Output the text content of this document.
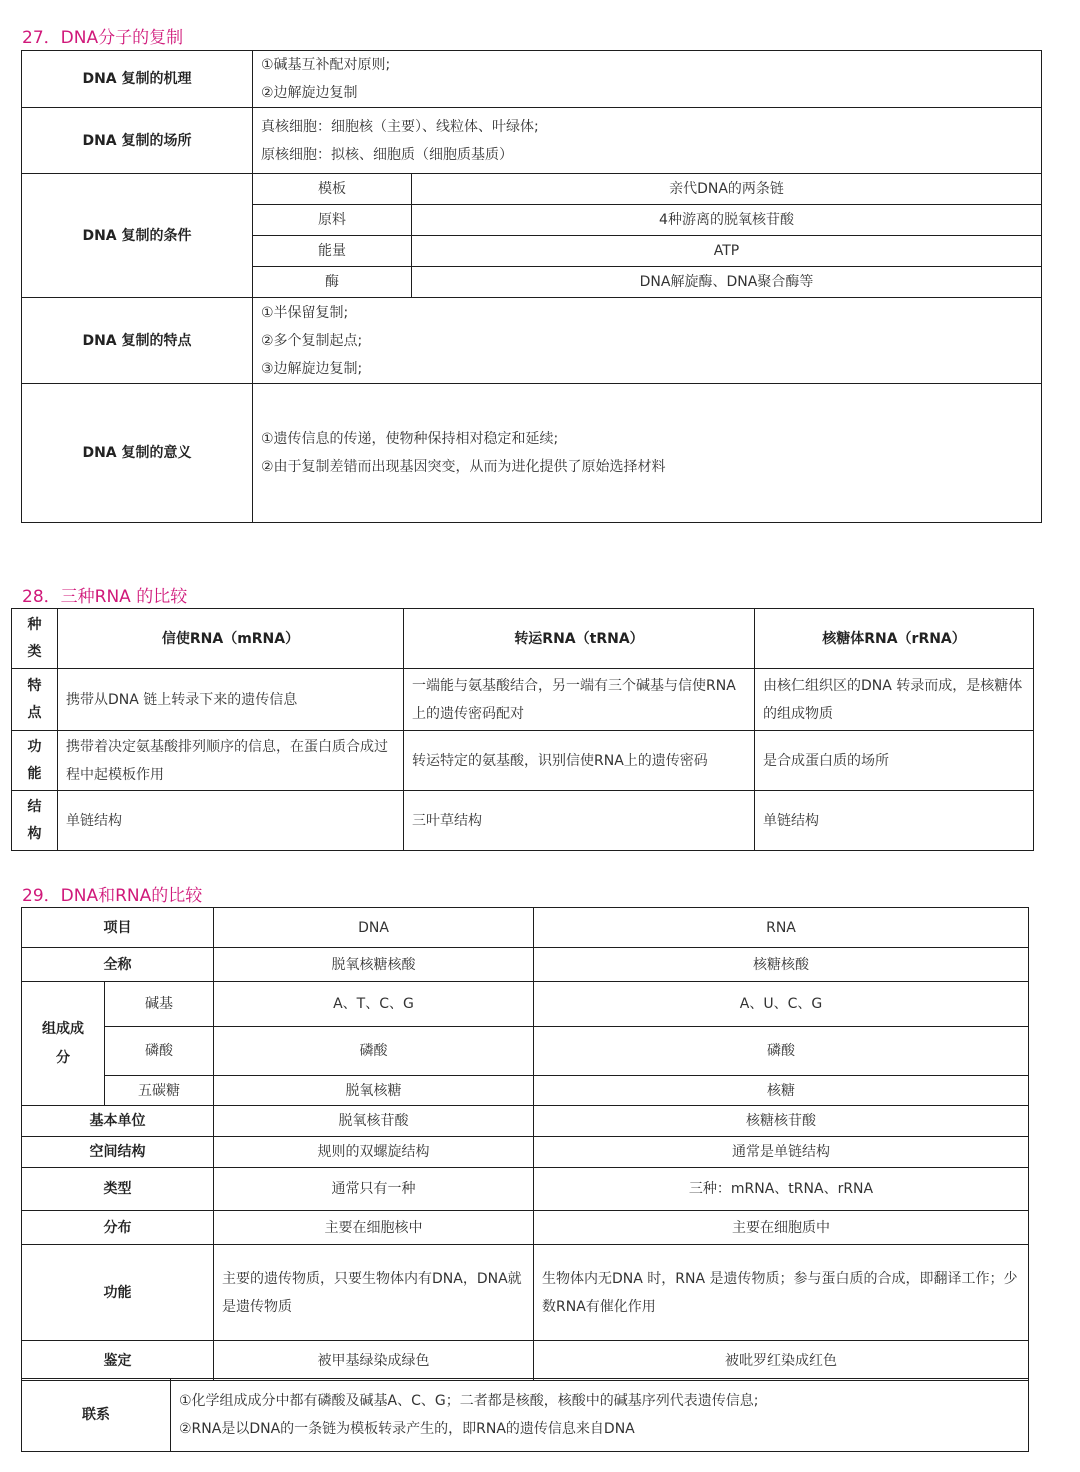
27．DNA分子的复制
DNA 复制的机理	①碱基互补配对原则;
②边解旋边复制	

DNA 复制的场所	真核细胞：细胞核（主要）、线粒体、叶绿体;
原核细胞：拟核、细胞质（细胞质基质）	

DNA 复制的条件	模板	亲代DNA的两条链
	原料	4种游离的脱氧核苷酸
	能量	ATP
	酶	DNA解旋酶、DNA聚合酶等
DNA 复制的特点	①半保留复制;
②多个复制起点;
③边解旋边复制;	

DNA 复制的意义	①遗传信息的传递，使物种保持相对稳定和延续;
②由于复制差错而出现基因突变，从而为进化提供了原始选择材料	
28．三种RNA 的比较
种
类	信使RNA（mRNA）	转运RNA（tRNA）	核糖体RNA（rRNA）

特
点	携带从DNA 链上转录下来的遗传信息	一端能与氨基酸结合，另一端有三个碱基与信使RNA上的遗传密码配对	由核仁组织区的DNA 转录而成，是核糖体的组成物质

功
能	携带着决定氨基酸排列顺序的信息，在蛋白质合成过程中起模板作用	转运特定的氨基酸，识别信使RNA上的遗传密码	是合成蛋白质的场所

结
构	单链结构	三叶草结构	单链结构
29．DNA和RNA的比较
项目		DNA	RNA
全称		脱氧核糖核酸	核糖核酸

组成成分	碱基	A、T、C、G	A、U、C、G
	磷酸	磷酸	磷酸
	五碳糖	脱氧核糖	核糖
基本单位		脱氧核苷酸	核糖核苷酸
空间结构		规则的双螺旋结构	通常是单链结构
类型		通常只有一种	三种：mRNA、tRNA、rRNA
分布		主要在细胞核中	主要在细胞质中
功能		主要的遗传物质，只要生物体内有DNA，DNA就是遗传物质	生物体内无DNA 时，RNA 是遗传物质；参与蛋白质的合成，即翻译工作；少数RNA有催化作用

鉴定		被甲基绿染成绿色	被吡罗红染成红色
联系	
①化学组成成分中都有磷酸及碱基A、C、G；二者都是核酸，核酸中的碱基序列代表遗传信息;
②RNA是以DNA的一条链为模板转录产生的，即RNA的遗传信息来自DNA
